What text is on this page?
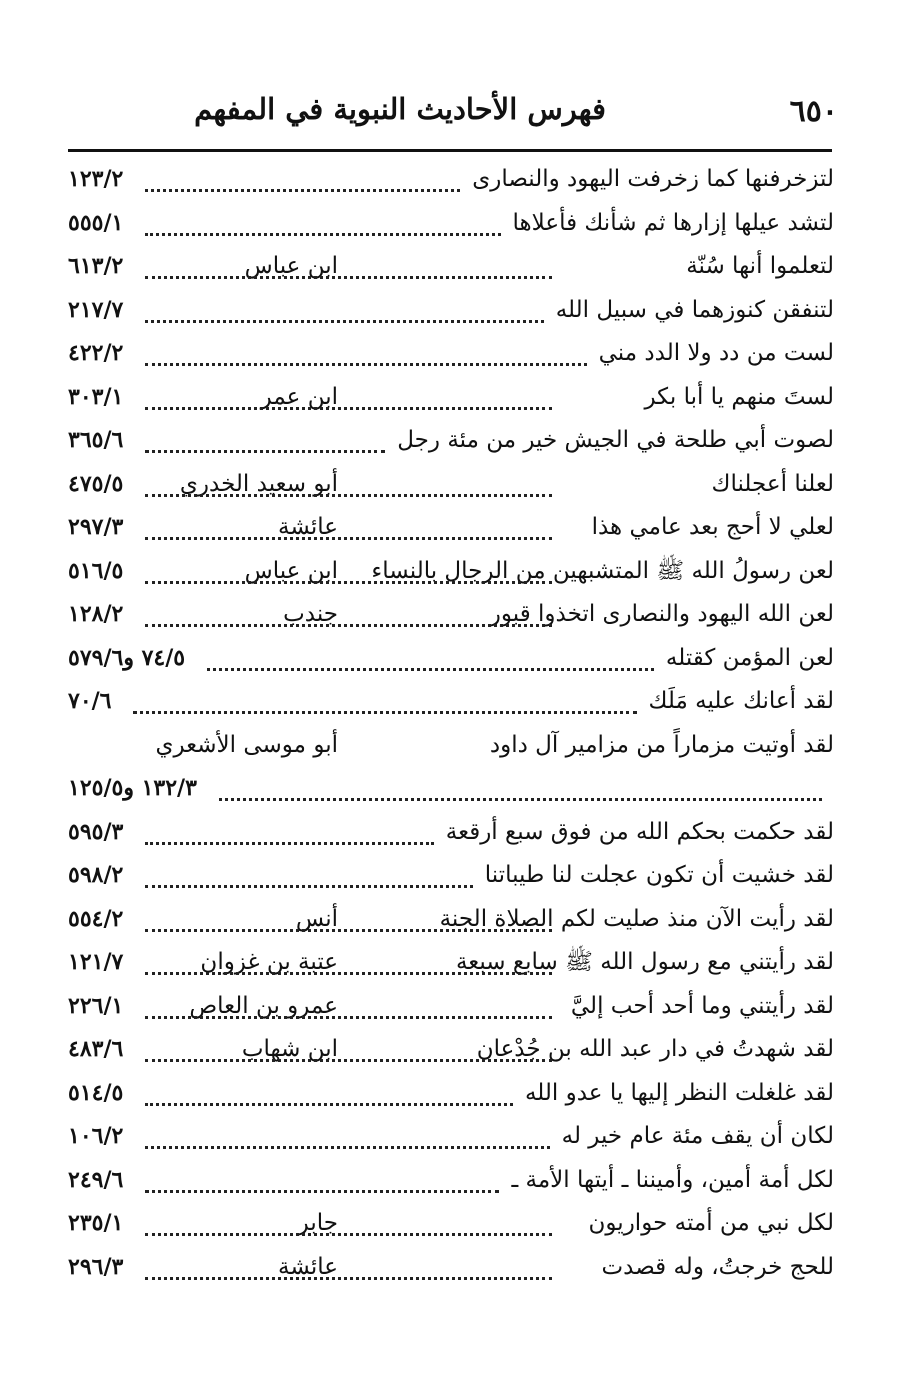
٦٥٠
فهرس الأحاديث النبوية في المفهم
لتزخرفنها كما زخرفت اليهود والنصارى
١٢٣/٢
لتشد عيلها إزارها ثم شأنك فأعلاها
٥٥٥/١
لتعلموا أنها سُنّة
ابن عباس
٦١٣/٢
لتنفقن كنوزهما في سبيل الله
٢١٧/٧
لست من دد ولا الدد مني
٤٢٢/٢
لستَ منهم يا أبا بكر
ابن عمر
٣٠٣/١
لصوت أبي طلحة في الجيش خير من مئة رجل
٣٦٥/٦
لعلنا أعجلناك
أبو سعيد الخدري
٤٧٥/٥
لعلي لا أحج بعد عامي هذا
عائشة
٢٩٧/٣
لعن رسولُ الله ﷺ المتشبهين من الرجال بالنساء
ابن عباس
٥١٦/٥
لعن الله اليهود والنصارى اتخذوا قبور
جندب
١٢٨/٢
لعن المؤمن كقتله
٧٤/٥ و٥٧٩/٦
لقد أعانك عليه مَلَك
٧٠/٦
لقد أوتيت مزماراً من مزامير آل داود
أبو موسى الأشعري
١٣٢/٣ و١٢٥/٥
لقد حكمت بحكم الله من فوق سبع أرقعة
٥٩٥/٣
لقد خشيت أن تكون عجلت لنا طيباتنا
٥٩٨/٢
لقد رأيت الآن منذ صليت لكم الصلاة الجنة
أنس
٥٥٤/٢
لقد رأيتني مع رسول الله ﷺ سابع سبعة
عتبة بن غزوان
١٢١/٧
لقد رأيتني وما أحد أحب إليَّ
عمرو بن العاص
٢٢٦/١
لقد شهدتُ في دار عبد الله بن جُدْعان
ابن شهاب
٤٨٣/٦
لقد غلغلت النظر إليها يا عدو الله
٥١٤/٥
لكان أن يقف مئة عام خير له
١٠٦/٢
لكل أمة أمين، وأميننا ـ أيتها الأمة ـ
٢٤٩/٦
لكل نبي من أمته حواريون
جابر
٢٣٥/١
للحج خرجتُ، وله قصدت
عائشة
٢٩٦/٣
